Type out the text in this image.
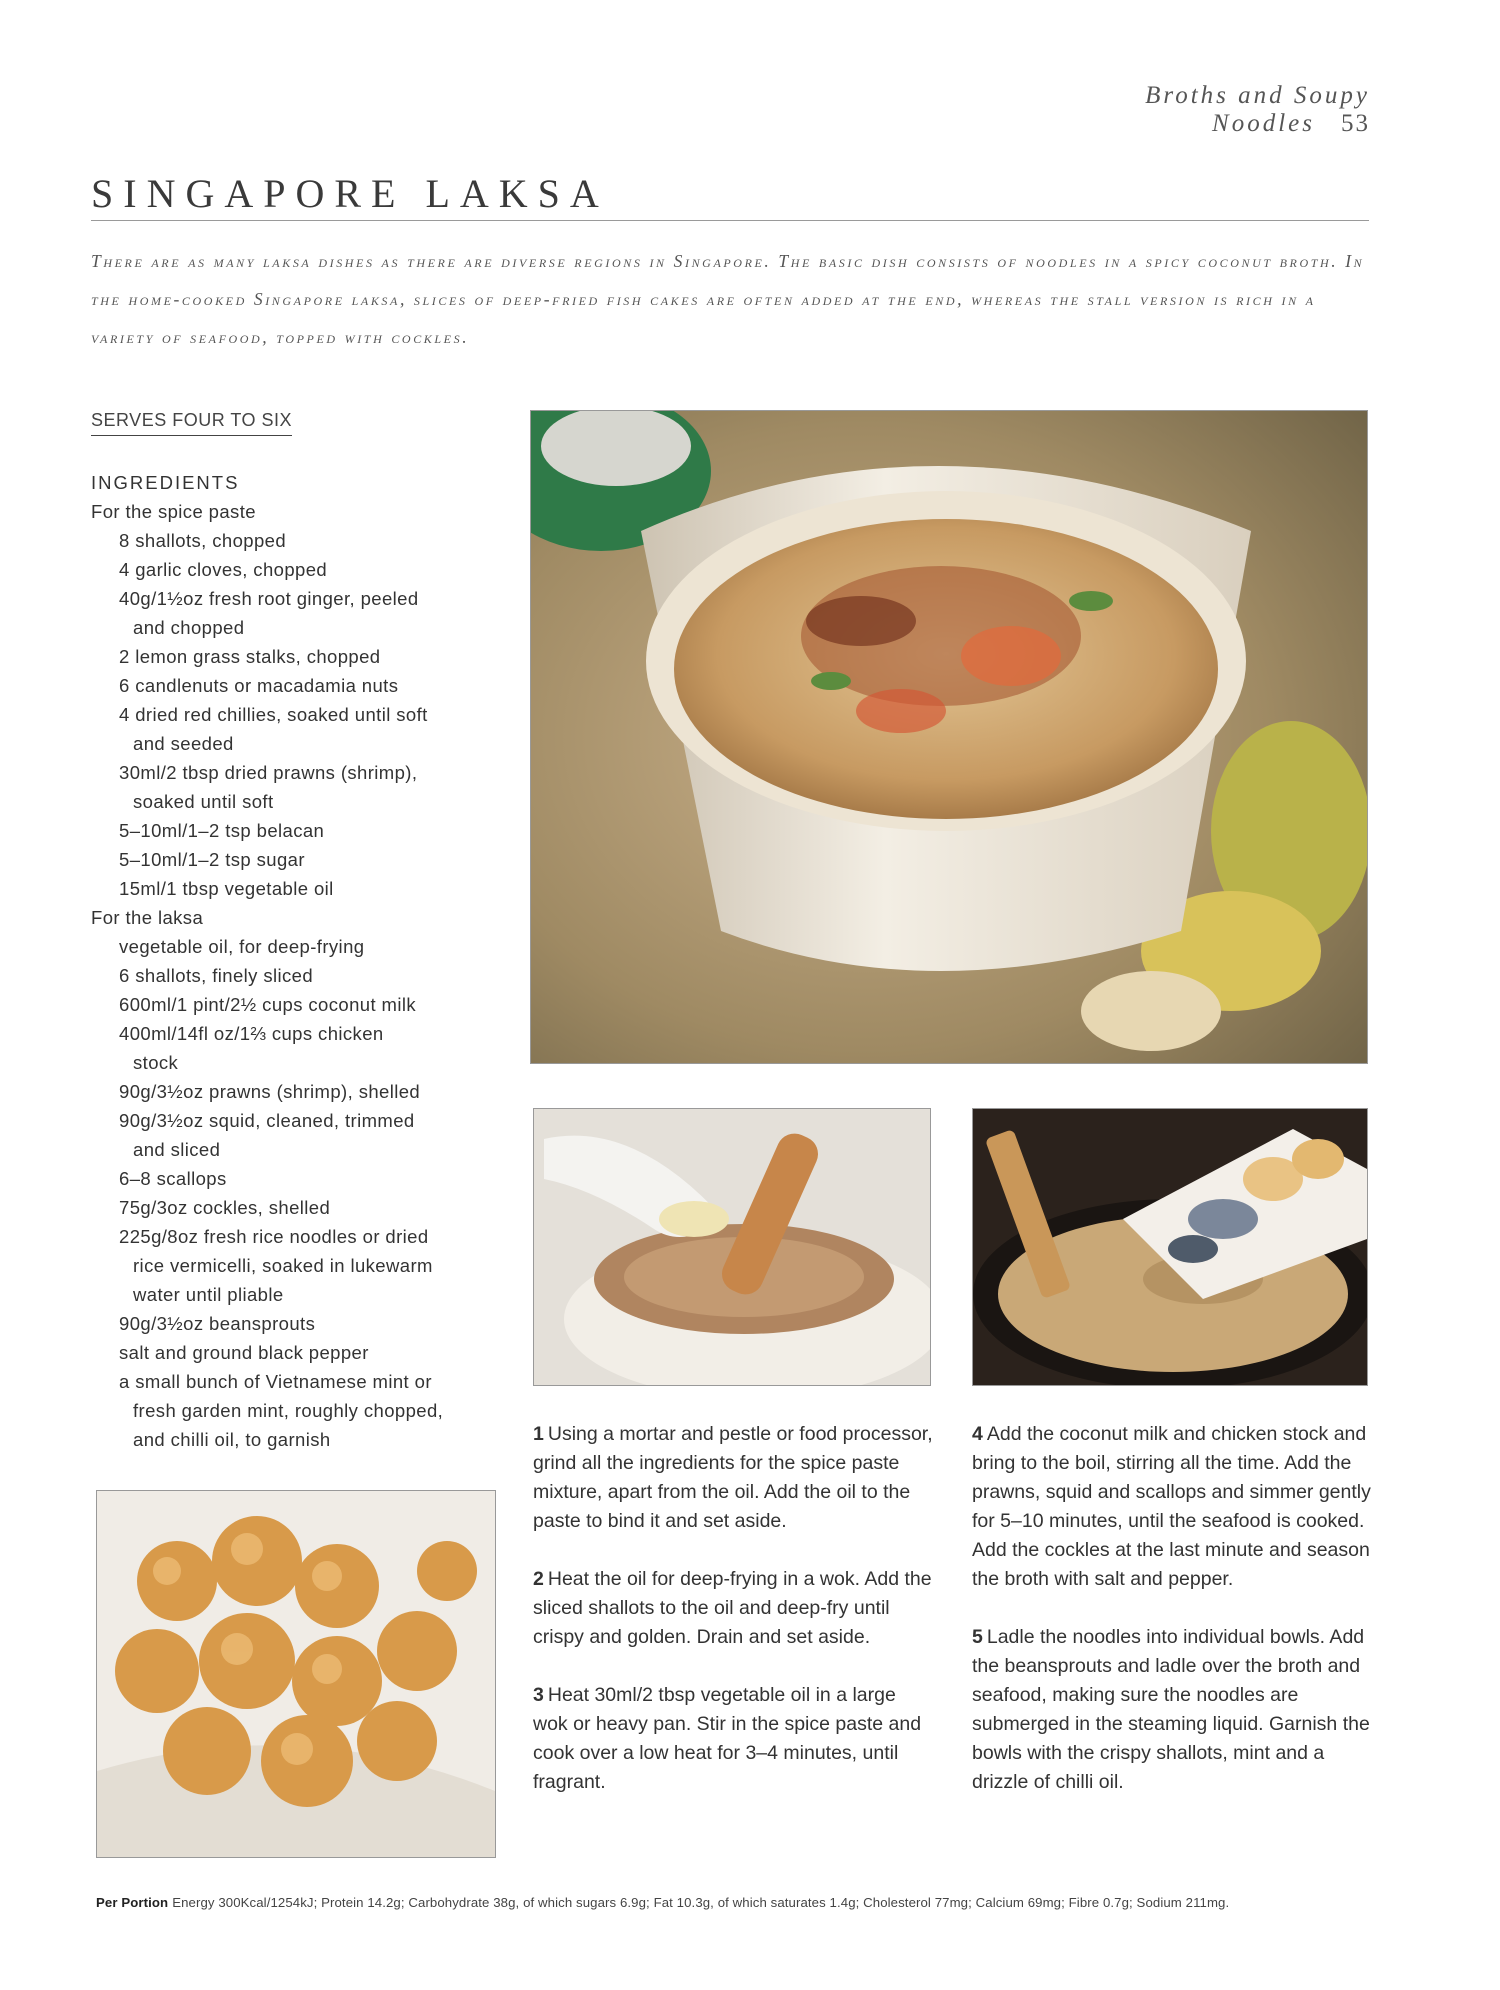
Broths and Soupy Noodles 53
SINGAPORE LAKSA

There are as many laksa dishes as there are diverse regions in Singapore. The basic dish consists of noodles in a spicy coconut broth. In the home-cooked Singapore laksa, slices of deep-fried fish cakes are often added at the end, whereas the stall version is rich in a variety of seafood, topped with cockles.

SERVES FOUR TO SIX
INGREDIENTS
For the spice paste
8 shallots, chopped
4 garlic cloves, chopped
40g/1½oz fresh root ginger, peeled
and chopped
2 lemon grass stalks, chopped
6 candlenuts or macadamia nuts
4 dried red chillies, soaked until soft
and seeded
30ml/2 tbsp dried prawns (shrimp),
soaked until soft
5–10ml/1–2 tsp belacan
5–10ml/1–2 tsp sugar
15ml/1 tbsp vegetable oil
For the laksa
vegetable oil, for deep-frying
6 shallots, finely sliced
600ml/1 pint/2½ cups coconut milk
400ml/14fl oz/1⅔ cups chicken
stock
90g/3½oz prawns (shrimp), shelled
90g/3½oz squid, cleaned, trimmed
and sliced
6–8 scallops
75g/3oz cockles, shelled
225g/8oz fresh rice noodles or dried
rice vermicelli, soaked in lukewarm
water until pliable
90g/3½oz beansprouts
salt and ground black pepper
a small bunch of Vietnamese mint or
fresh garden mint, roughly chopped,
and chilli oil, to garnish	1 Using a mortar and pestle or food processor, grind all the ingredients for the spice paste mixture, apart from the oil. Add the oil to the paste to bind it and set aside.

2 Heat the oil for deep-frying in a wok. Add the sliced shallots to the oil and deep-fry until crispy and golden. Drain and set aside.

3 Heat 30ml/2 tbsp vegetable oil in a large wok or heavy pan. Stir in the spice paste and cook over a low heat for 3–4 minutes, until fragrant.

4 Add the coconut milk and chicken stock and bring to the boil, stirring all the time. Add the prawns, squid and scallops and simmer gently for 5–10 minutes, until the seafood is cooked. Add the cockles at the last minute and season the broth with salt and pepper.

5 Ladle the noodles into individual bowls. Add the beansprouts and ladle over the broth and seafood, making sure the noodles are submerged in the steaming liquid. Garnish the bowls with the crispy shallots, mint and a drizzle of chilli oil.

Per Portion Energy 300Kcal/1254kJ; Protein 14.2g; Carbohydrate 38g, of which sugars 6.9g; Fat 10.3g, of which saturates 1.4g; Cholesterol 77mg; Calcium 69mg; Fibre 0.7g; Sodium 211mg.
